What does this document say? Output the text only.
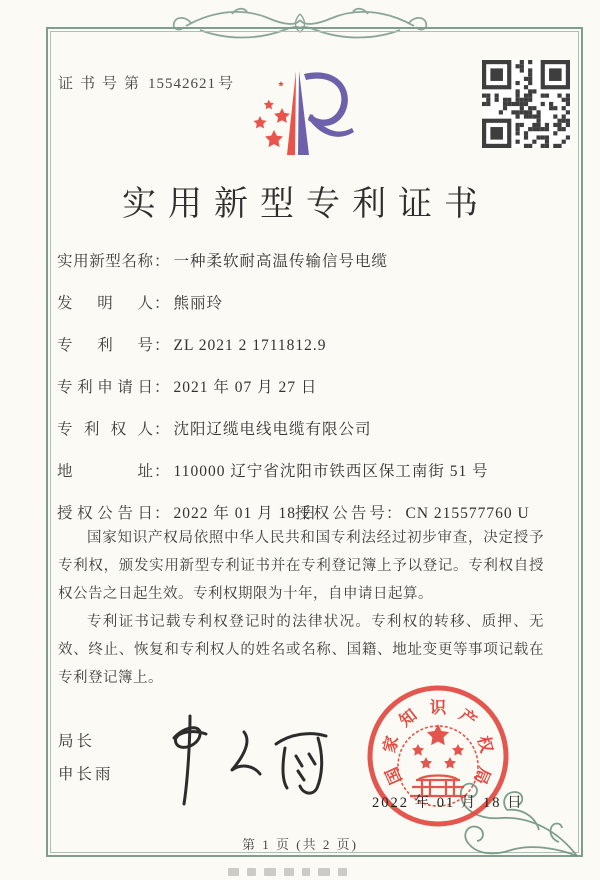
证书号第 15542621 号
实用新型专利证书
实用新型名称： 一种柔软耐高温传输信号电缆
发明人： 熊丽玲
专利号： ZL 2021 2 1711812.9
专利申请日： 2021 年 07 月 27 日
专利权人： 沈阳辽缆电线电缆有限公司
地址： 110000 辽宁省沈阳市铁西区保工南街 51 号
授权公告日： 2022 年 01 月 18 日
授权公告号： CN 215577760 U

国家知识产权局依照中华人民共和国专利法经过初步审查，决定授予专利权，颁发实用新型专利证书并在专利登记簿上予以登记。专利权自授权公告之日起生效。专利权期限为十年，自申请日起算。

专利证书记载专利权登记时的法律状况。专利权的转移、质押、无效、终止、恢复和专利权人的姓名或名称、国籍、地址变更等事项记载在专利登记簿上。

局长
申长雨	国
家
知 识 产
权
局
2022 年 01 月 18 日
第 1 页 (共 2 页)
